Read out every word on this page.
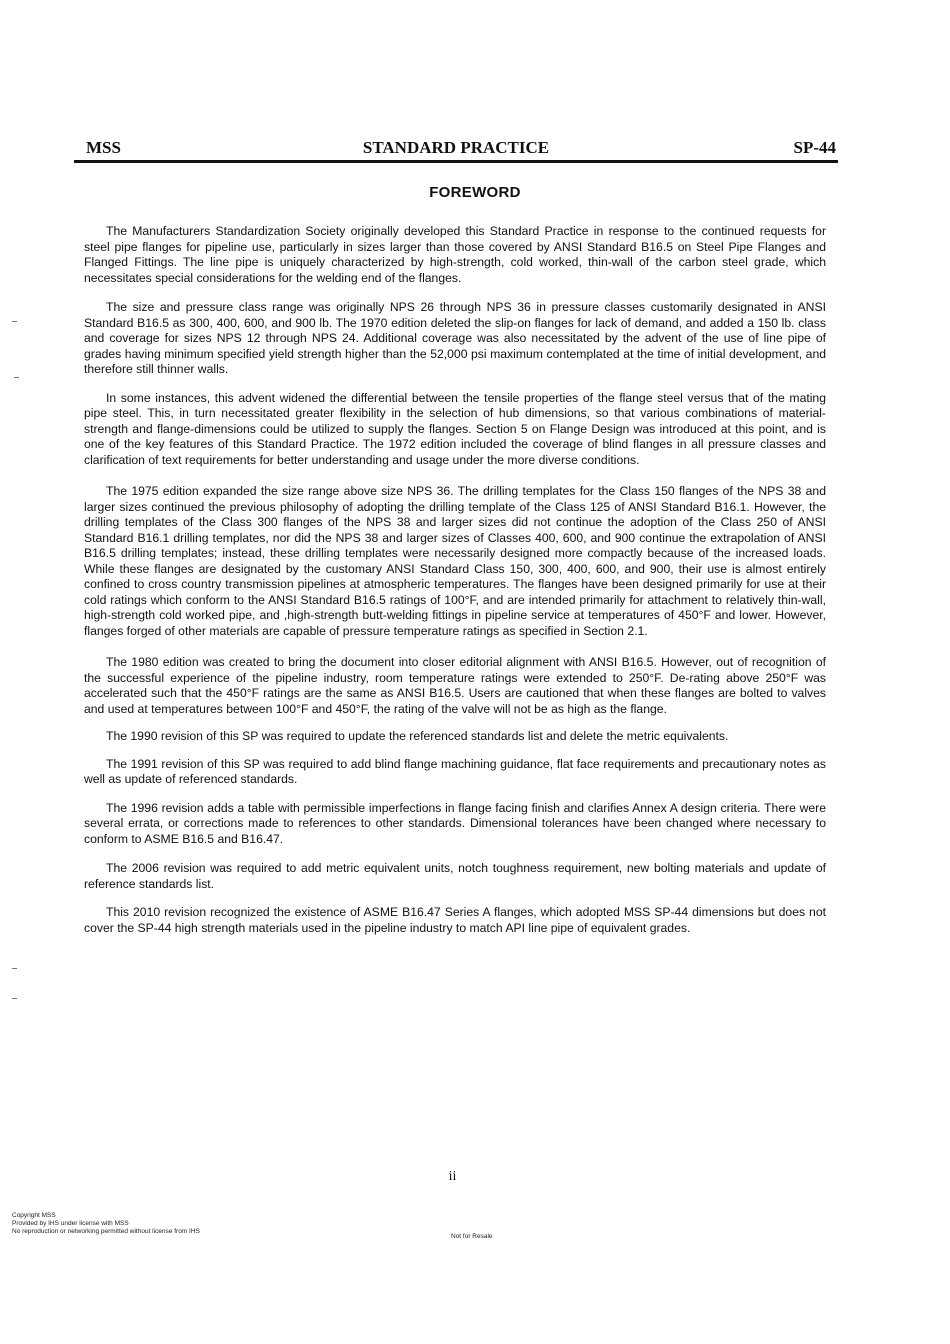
MSS	STANDARD PRACTICE	SP-44
FOREWORD

The Manufacturers Standardization Society originally developed this Standard Practice in response to the continued requests for steel pipe flanges for pipeline use, particularly in sizes larger than those covered by ANSI Standard B16.5 on Steel Pipe Flanges and Flanged Fittings. The line pipe is uniquely characterized by high-strength, cold worked, thin-wall of the carbon steel grade, which necessitates special considerations for the welding end of the flanges.

The size and pressure class range was originally NPS 26 through NPS 36 in pressure classes customarily designated in ANSI Standard B16.5 as 300, 400, 600, and 900 lb. The 1970 edition deleted the slip-on flanges for lack of demand, and added a 150 lb. class and coverage for sizes NPS 12 through NPS 24. Additional coverage was also necessitated by the advent of the use of line pipe of grades having minimum specified yield strength higher than the 52,000 psi maximum contemplated at the time of initial development, and therefore still thinner walls.

In some instances, this advent widened the differential between the tensile properties of the flange steel versus that of the mating pipe steel. This, in turn necessitated greater flexibility in the selection of hub dimensions, so that various combinations of material-strength and flange-dimensions could be utilized to supply the flanges. Section 5 on Flange Design was introduced at this point, and is one of the key features of this Standard Practice. The 1972 edition included the coverage of blind flanges in all pressure classes and clarification of text requirements for better understanding and usage under the more diverse conditions.

The 1975 edition expanded the size range above size NPS 36. The drilling templates for the Class 150 flanges of the NPS 38 and larger sizes continued the previous philosophy of adopting the drilling template of the Class 125 of ANSI Standard B16.1. However, the drilling templates of the Class 300 flanges of the NPS 38 and larger sizes did not continue the adoption of the Class 250 of ANSI Standard B16.1 drilling templates, nor did the NPS 38 and larger sizes of Classes 400, 600, and 900 continue the extrapolation of ANSI B16.5 drilling templates; instead, these drilling templates were necessarily designed more compactly because of the increased loads. While these flanges are designated by the customary ANSI Standard Class 150, 300, 400, 600, and 900, their use is almost entirely confined to cross country transmission pipelines at atmospheric temperatures. The flanges have been designed primarily for use at their cold ratings which conform to the ANSI Standard B16.5 ratings of 100°F, and are intended primarily for attachment to relatively thin-wall, high-strength cold worked pipe, and ,high-strength butt-welding fittings in pipeline service at temperatures of 450°F and lower. However, flanges forged of other materials are capable of pressure temperature ratings as specified in Section 2.1.

The 1980 edition was created to bring the document into closer editorial alignment with ANSI B16.5. However, out of recognition of the successful experience of the pipeline industry, room temperature ratings were extended to 250°F. De-rating above 250°F was accelerated such that the 450°F ratings are the same as ANSI B16.5. Users are cautioned that when these flanges are bolted to valves and used at temperatures between 100°F and 450°F, the rating of the valve will not be as high as the flange.

The 1990 revision of this SP was required to update the referenced standards list and delete the metric equivalents.

The 1991 revision of this SP was required to add blind flange machining guidance, flat face requirements and precautionary notes as well as update of referenced standards.

The 1996 revision adds a table with permissible imperfections in flange facing finish and clarifies Annex A design criteria. There were several errata, or corrections made to references to other standards. Dimensional tolerances have been changed where necessary to conform to ASME B16.5 and B16.47.

The 2006 revision was required to add metric equivalent units, notch toughness requirement, new bolting materials and update of reference standards list.

This 2010 revision recognized the existence of ASME B16.47 Series A flanges, which adopted MSS SP-44 dimensions but does not cover the SP-44 high strength materials used in the pipeline industry to match API line pipe of equivalent grades.

ii
Copyright MSS
Provided by IHS under license with MSS
No reproduction or networking permitted without license from IHS
Not for Resale
